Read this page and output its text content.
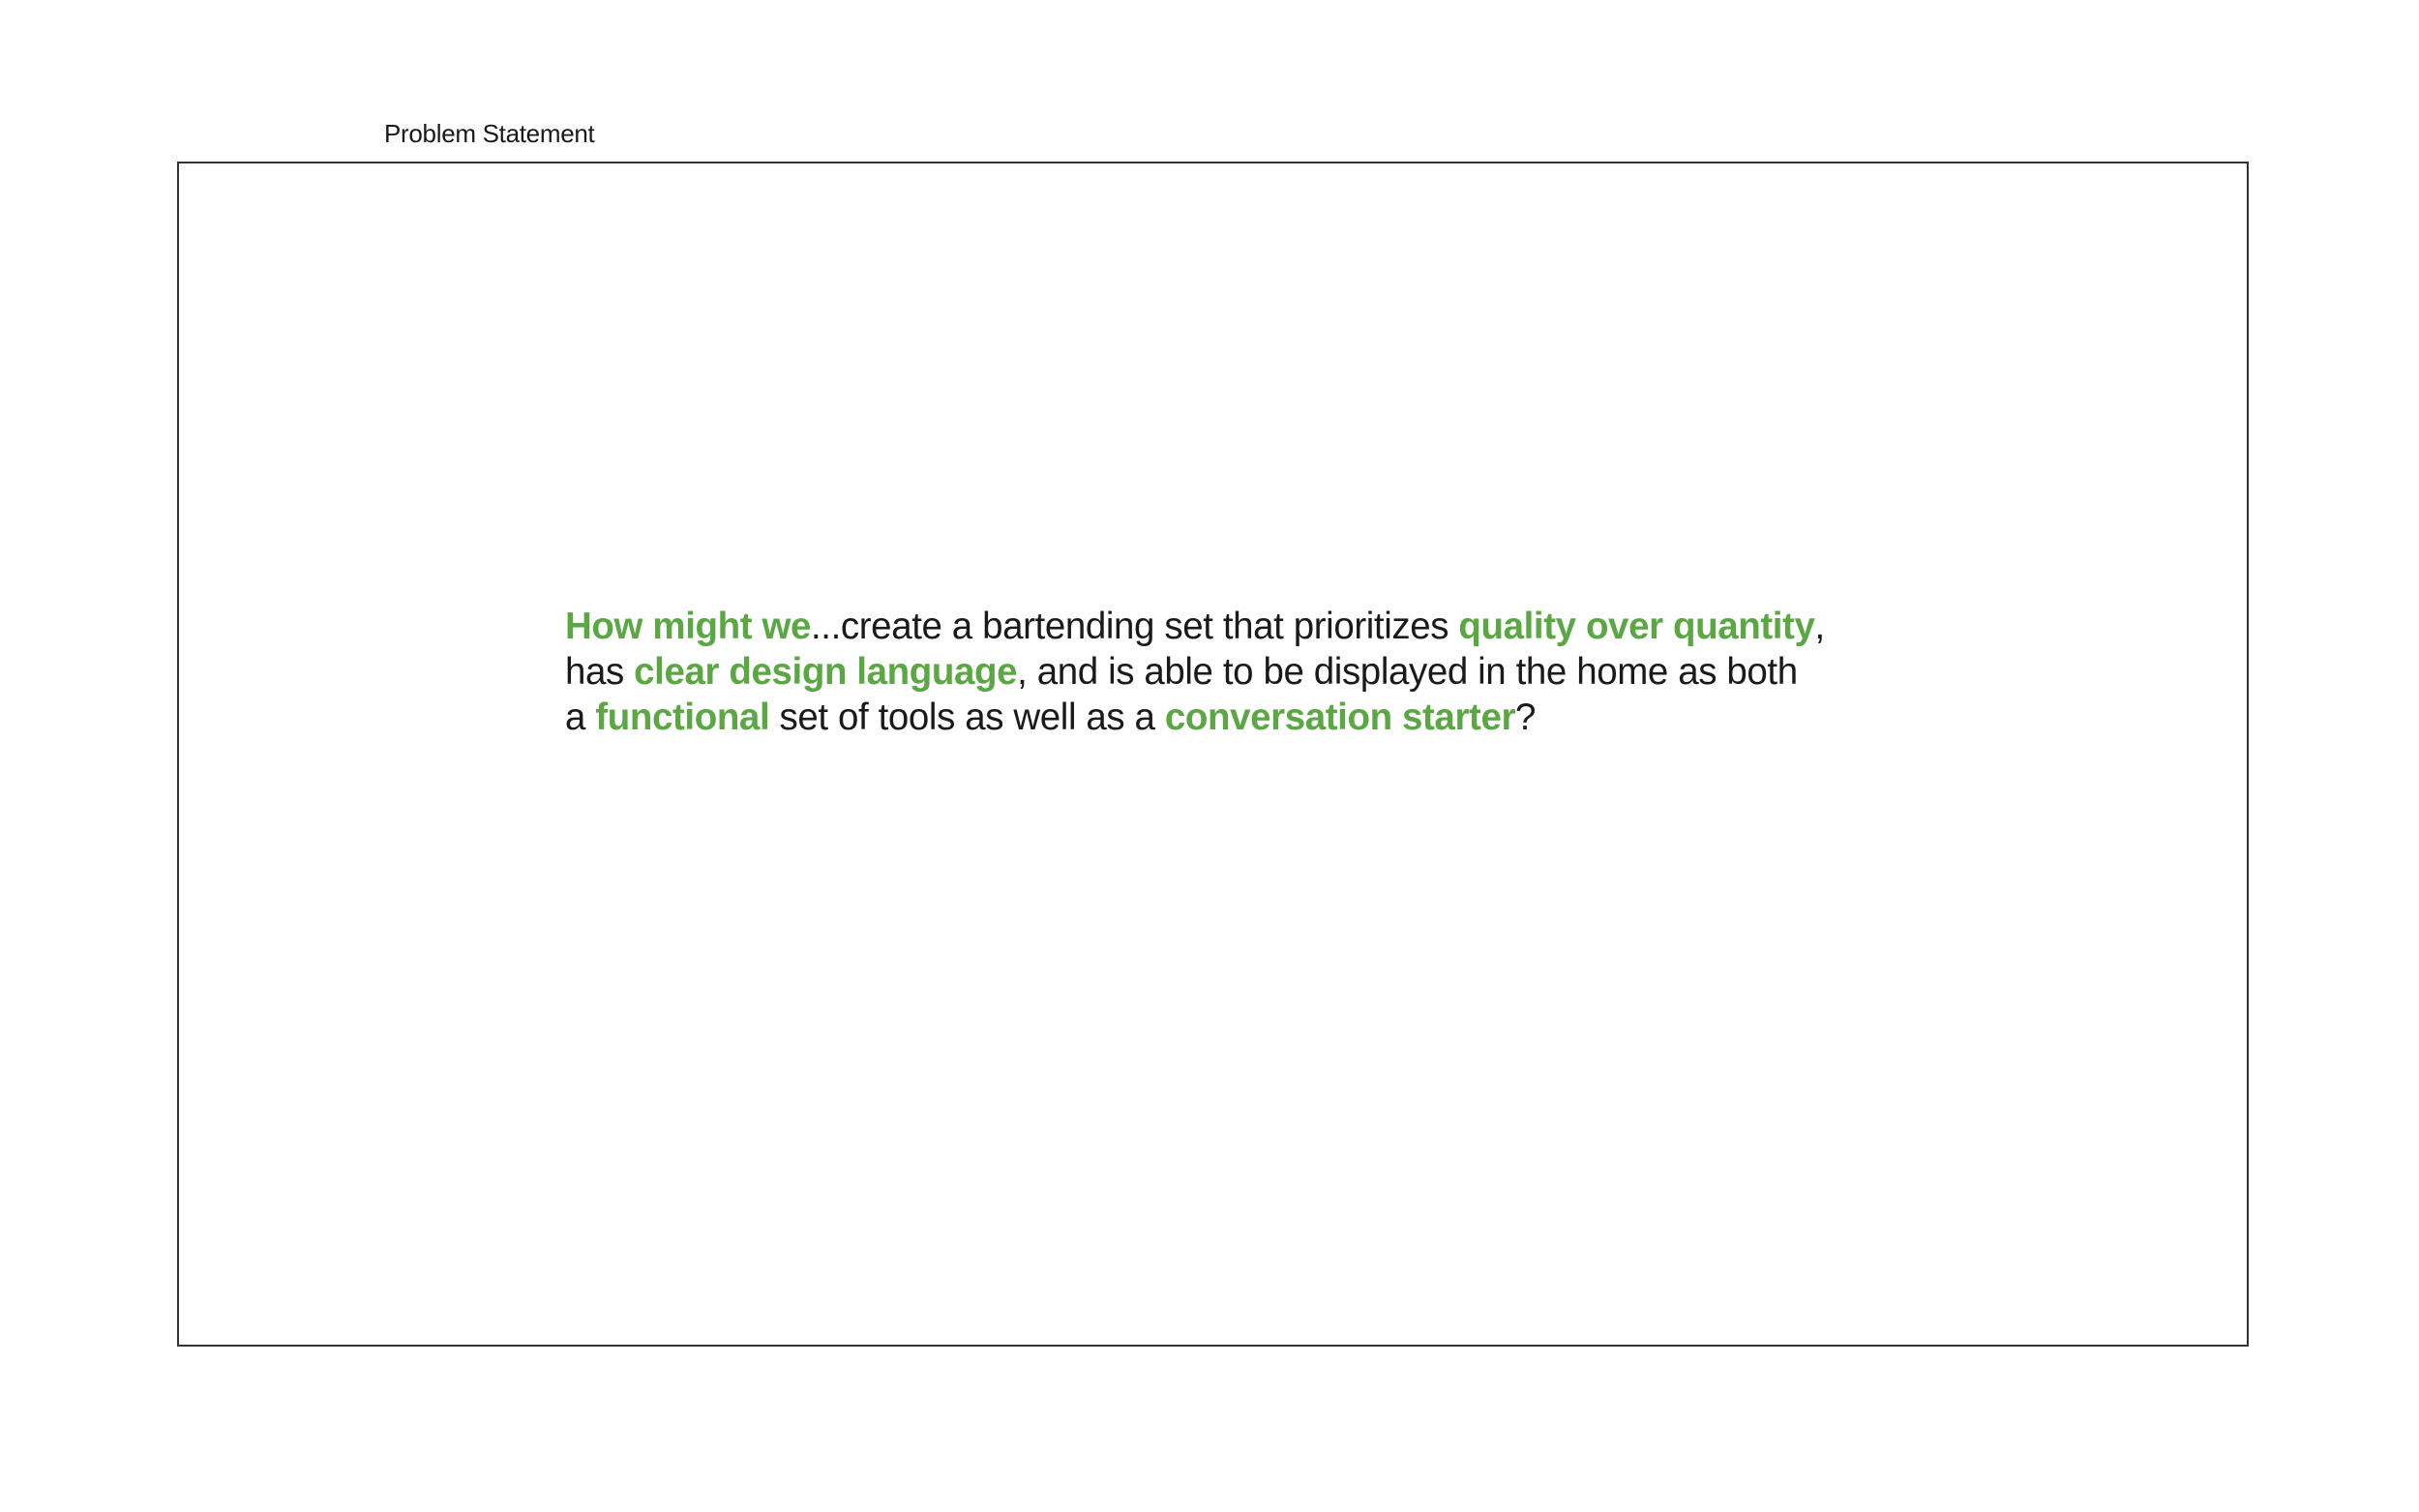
Problem Statement
How might we...create a bartending set that prioritizes quality over quantity,
has clear design language, and is able to be displayed in the home as both
a functional set of tools as well as a conversation starter?
